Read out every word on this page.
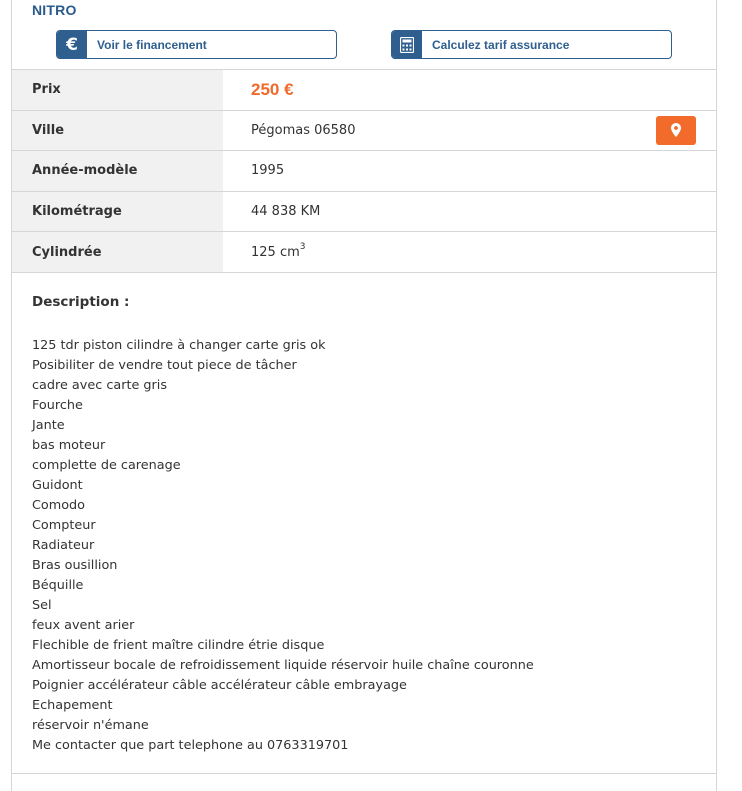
NITRO
€	Voir le financement	Calculez tarif assurance
Prix	250 €
Ville	Pégomas 06580
Année-modèle	1995
Kilométrage	44 838 KM
Cylindrée	125 $cm^3$
Description :
125 tdr piston cilindre à changer carte gris ok
Posibiliter de vendre tout piece de tâcher
cadre avec carte gris
Fourche
Jante
bas moteur
complette de carenage
Guidont
Comodo
Compteur
Radiateur
Bras ousillion
Béquille
Sel
feux avent arier
Flechible de frient maître cilindre étrie disque
Amortisseur bocale de refroidissement liquide réservoir huile chaîne couronne
Poignier accélérateur câble accélérateur câble embrayage
Echapement
réservoir n'émane
Me contacter que part telephone au 0763319701
